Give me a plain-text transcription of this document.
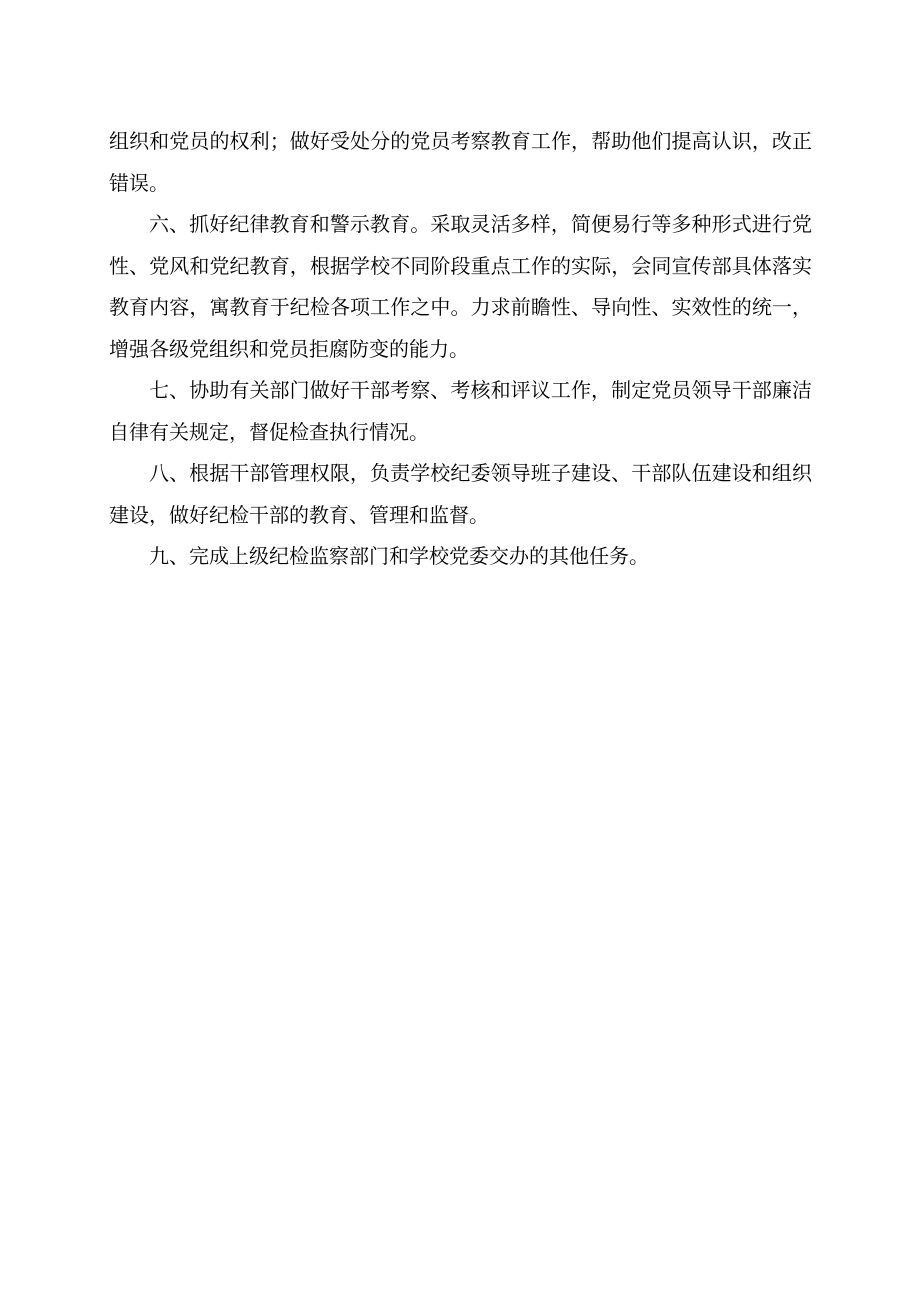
组织和党员的权利；做好受处分的党员考察教育工作，帮助他们提高认识，改正错误。

六、抓好纪律教育和警示教育。采取灵活多样，简便易行等多种形式进行党性、党风和党纪教育，根据学校不同阶段重点工作的实际，会同宣传部具体落实教育内容，寓教育于纪检各项工作之中。力求前瞻性、导向性、实效性的统一，增强各级党组织和党员拒腐防变的能力。

七、协助有关部门做好干部考察、考核和评议工作，制定党员领导干部廉洁自律有关规定，督促检查执行情况。

八、根据干部管理权限，负责学校纪委领导班子建设、干部队伍建设和组织建设，做好纪检干部的教育、管理和监督。

九、完成上级纪检监察部门和学校党委交办的其他任务。
